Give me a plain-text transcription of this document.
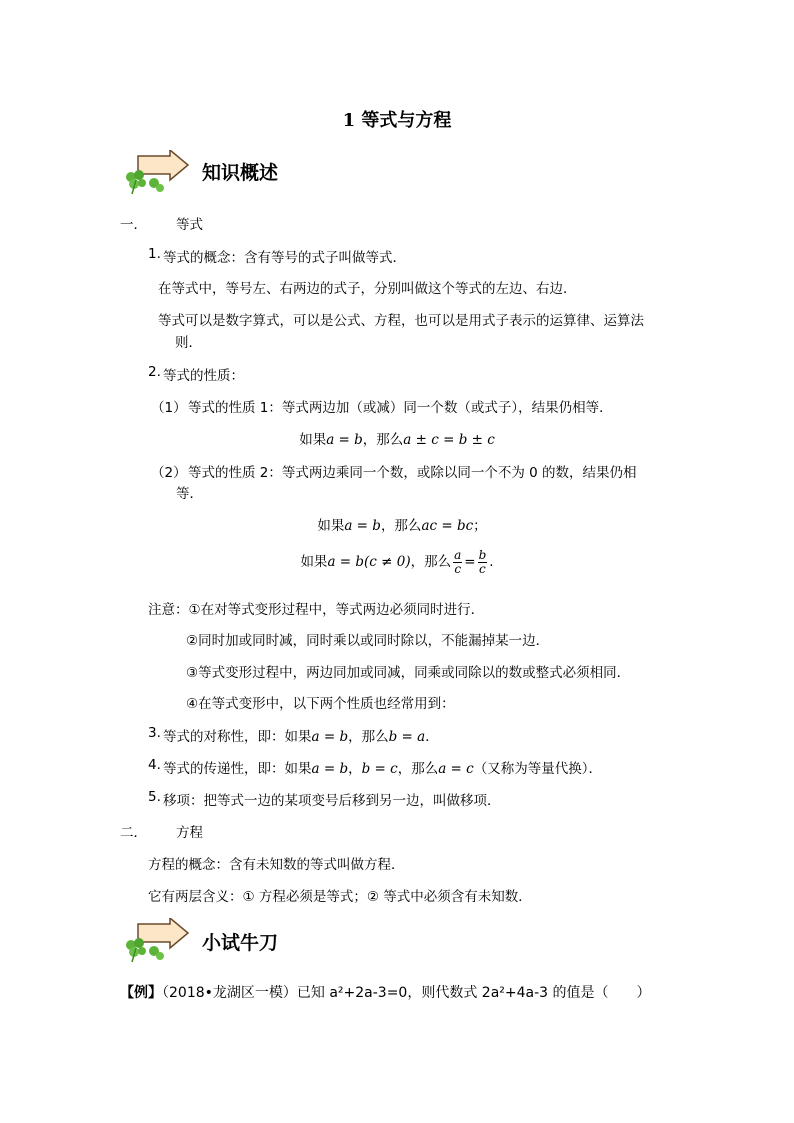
1 等式与方程
知识概述
一． 等式
1. 等式的概念：含有等号的式子叫做等式．
在等式中，等号左、右两边的式子，分别叫做这个等式的左边、右边．
等式可以是数字算式，可以是公式、方程，也可以是用式子表示的运算律、运算法
则．
2. 等式的性质：
（1） 等式的性质 1：等式两边加（或减）同一个数（或式子），结果仍相等．
如果a = b，那么a ± c = b ± c
（2） 等式的性质 2：等式两边乘同一个数，或除以同一个不为 0 的数，结果仍相
等．
如果a = b，那么ac = bc；
如果a = b(c ≠ 0)，那么 $\frac{a}{c} = \frac{b}{c}$ .
注意：①在对等式变形过程中，等式两边必须同时进行．
②同时加或同时减，同时乘以或同时除以，不能漏掉某一边．
③等式变形过程中，两边同加或同减，同乘或同除以的数或整式必须相同．
④在等式变形中，以下两个性质也经常用到：
3. 等式的对称性，即：如果a = b，那么b = a．
4. 等式的传递性，即：如果a = b，b = c，那么a = c（又称为等量代换）．
5. 移项：把等式一边的某项变号后移到另一边，叫做移项．
二． 方程
方程的概念：含有未知数的等式叫做方程．
它有两层含义：① 方程必须是等式；② 等式中必须含有未知数．
小试牛刀
【例】（2018•龙湖区一模）已知 a²+2a-3=0，则代数式 2a²+4a-3 的值是（　　）
